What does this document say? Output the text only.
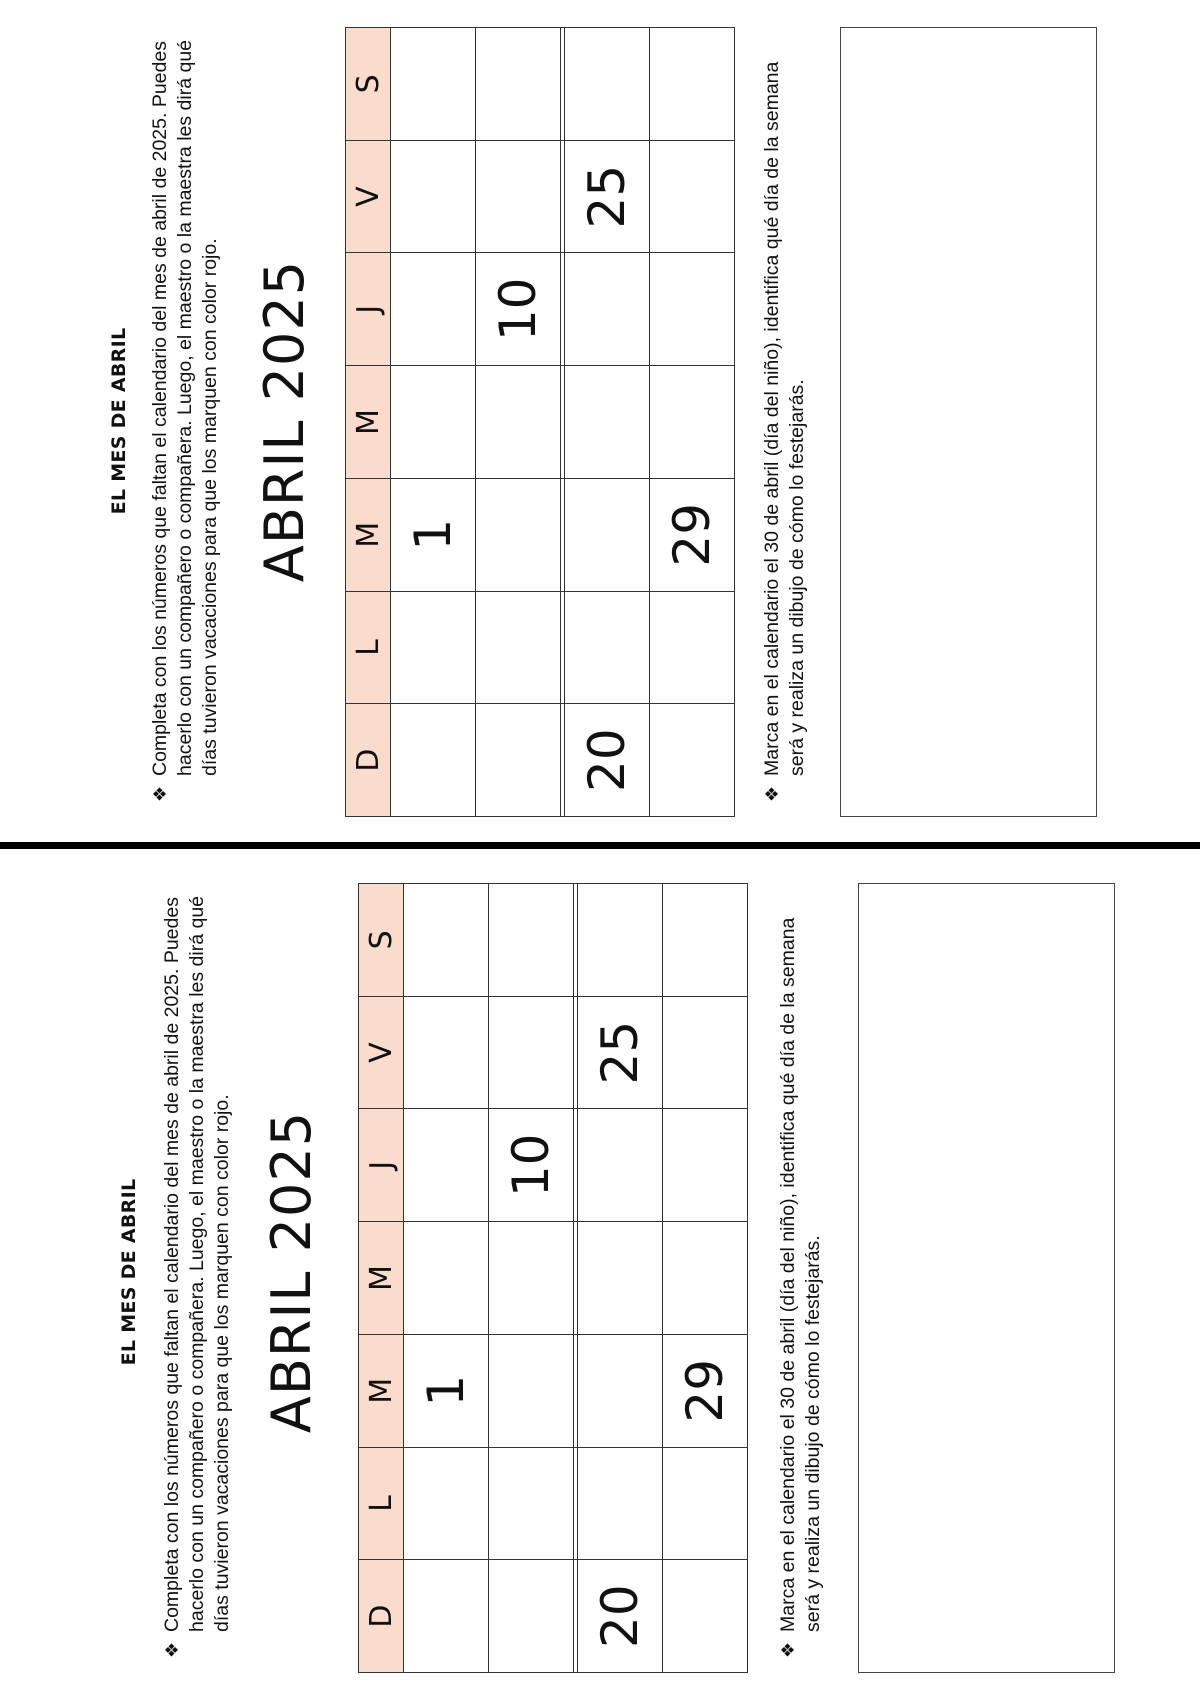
EL MES DE ABRIL
❖
Completa con los números que faltan el calendario del mes de abril de 2025. Puedes hacerlo con un compañero o compañera. Luego, el maestro o la maestra les dirá qué días tuvieron vacaciones para que los marquen con color rojo. ABRIL 2025
D	L	M	M	J	V	S
		1				
				10		

20					25	
		29				
❖
Marca en el calendario el 30 de abril (día del niño), identifica qué día de la semana será y realiza un dibujo de cómo lo festejarás.
EL MES DE ABRIL
❖
Completa con los números que faltan el calendario del mes de abril de 2025. Puedes hacerlo con un compañero o compañera. Luego, el maestro o la maestra les dirá qué días tuvieron vacaciones para que los marquen con color rojo. ABRIL 2025
D	L	M	M	J	V	S
		1				
				10		

20					25	
		29				
❖
Marca en el calendario el 30 de abril (día del niño), identifica qué día de la semana será y realiza un dibujo de cómo lo festejarás.
